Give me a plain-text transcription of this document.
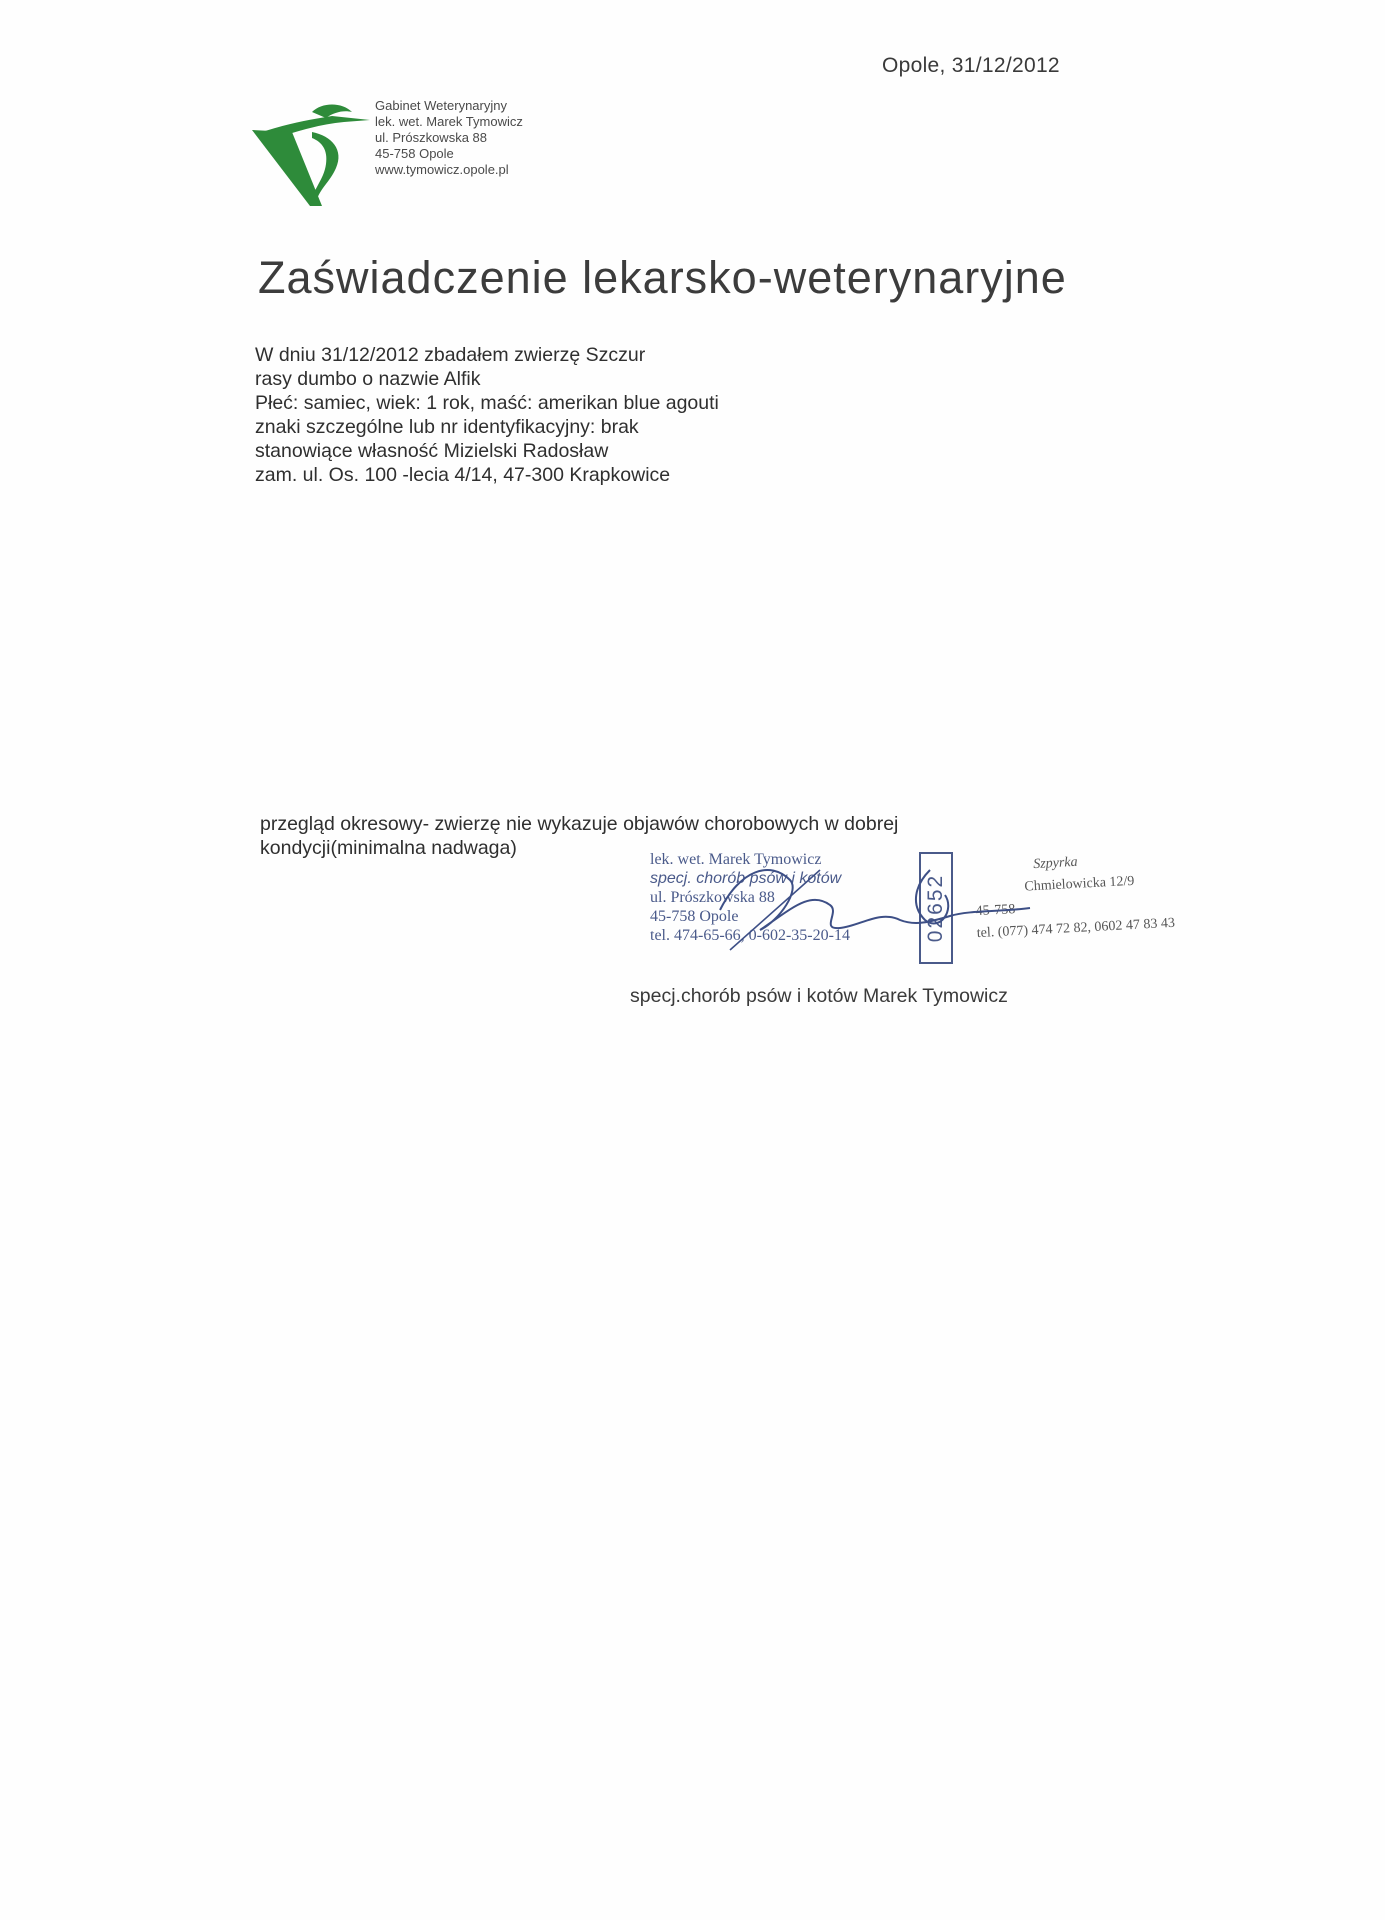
Opole, 31/12/2012
Gabinet Weterynaryjny
lek. wet. Marek Tymowicz
ul. Prószkowska 88
45-758 Opole
www.tymowicz.opole.pl
Zaświadczenie lekarsko-weterynaryjne
W dniu 31/12/2012 zbadałem zwierzę Szczur
rasy dumbo o nazwie Alfik
Płeć: samiec, wiek: 1 rok, maść: amerikan blue agouti
znaki szczególne lub nr identyfikacyjny: brak
stanowiące własność Mizielski Radosław
zam. ul. Os. 100 -lecia 4/14, 47-300 Krapkowice
przegląd okresowy- zwierzę nie wykazuje objawów chorobowych w dobrej
kondycji(minimalna nadwaga)
lek. wet. Marek Tymowicz
specj. chorób psów i kotów
ul. Prószkowska 88
45-758 Opole
tel. 474-65-66, 0-602-35-20-14	02652
Szpyrka
Chmielowicka 12/9
45-758
tel. (077) 474 72 82, 0602 47 83 43
specj.chorób psów i kotów Marek Tymowicz
